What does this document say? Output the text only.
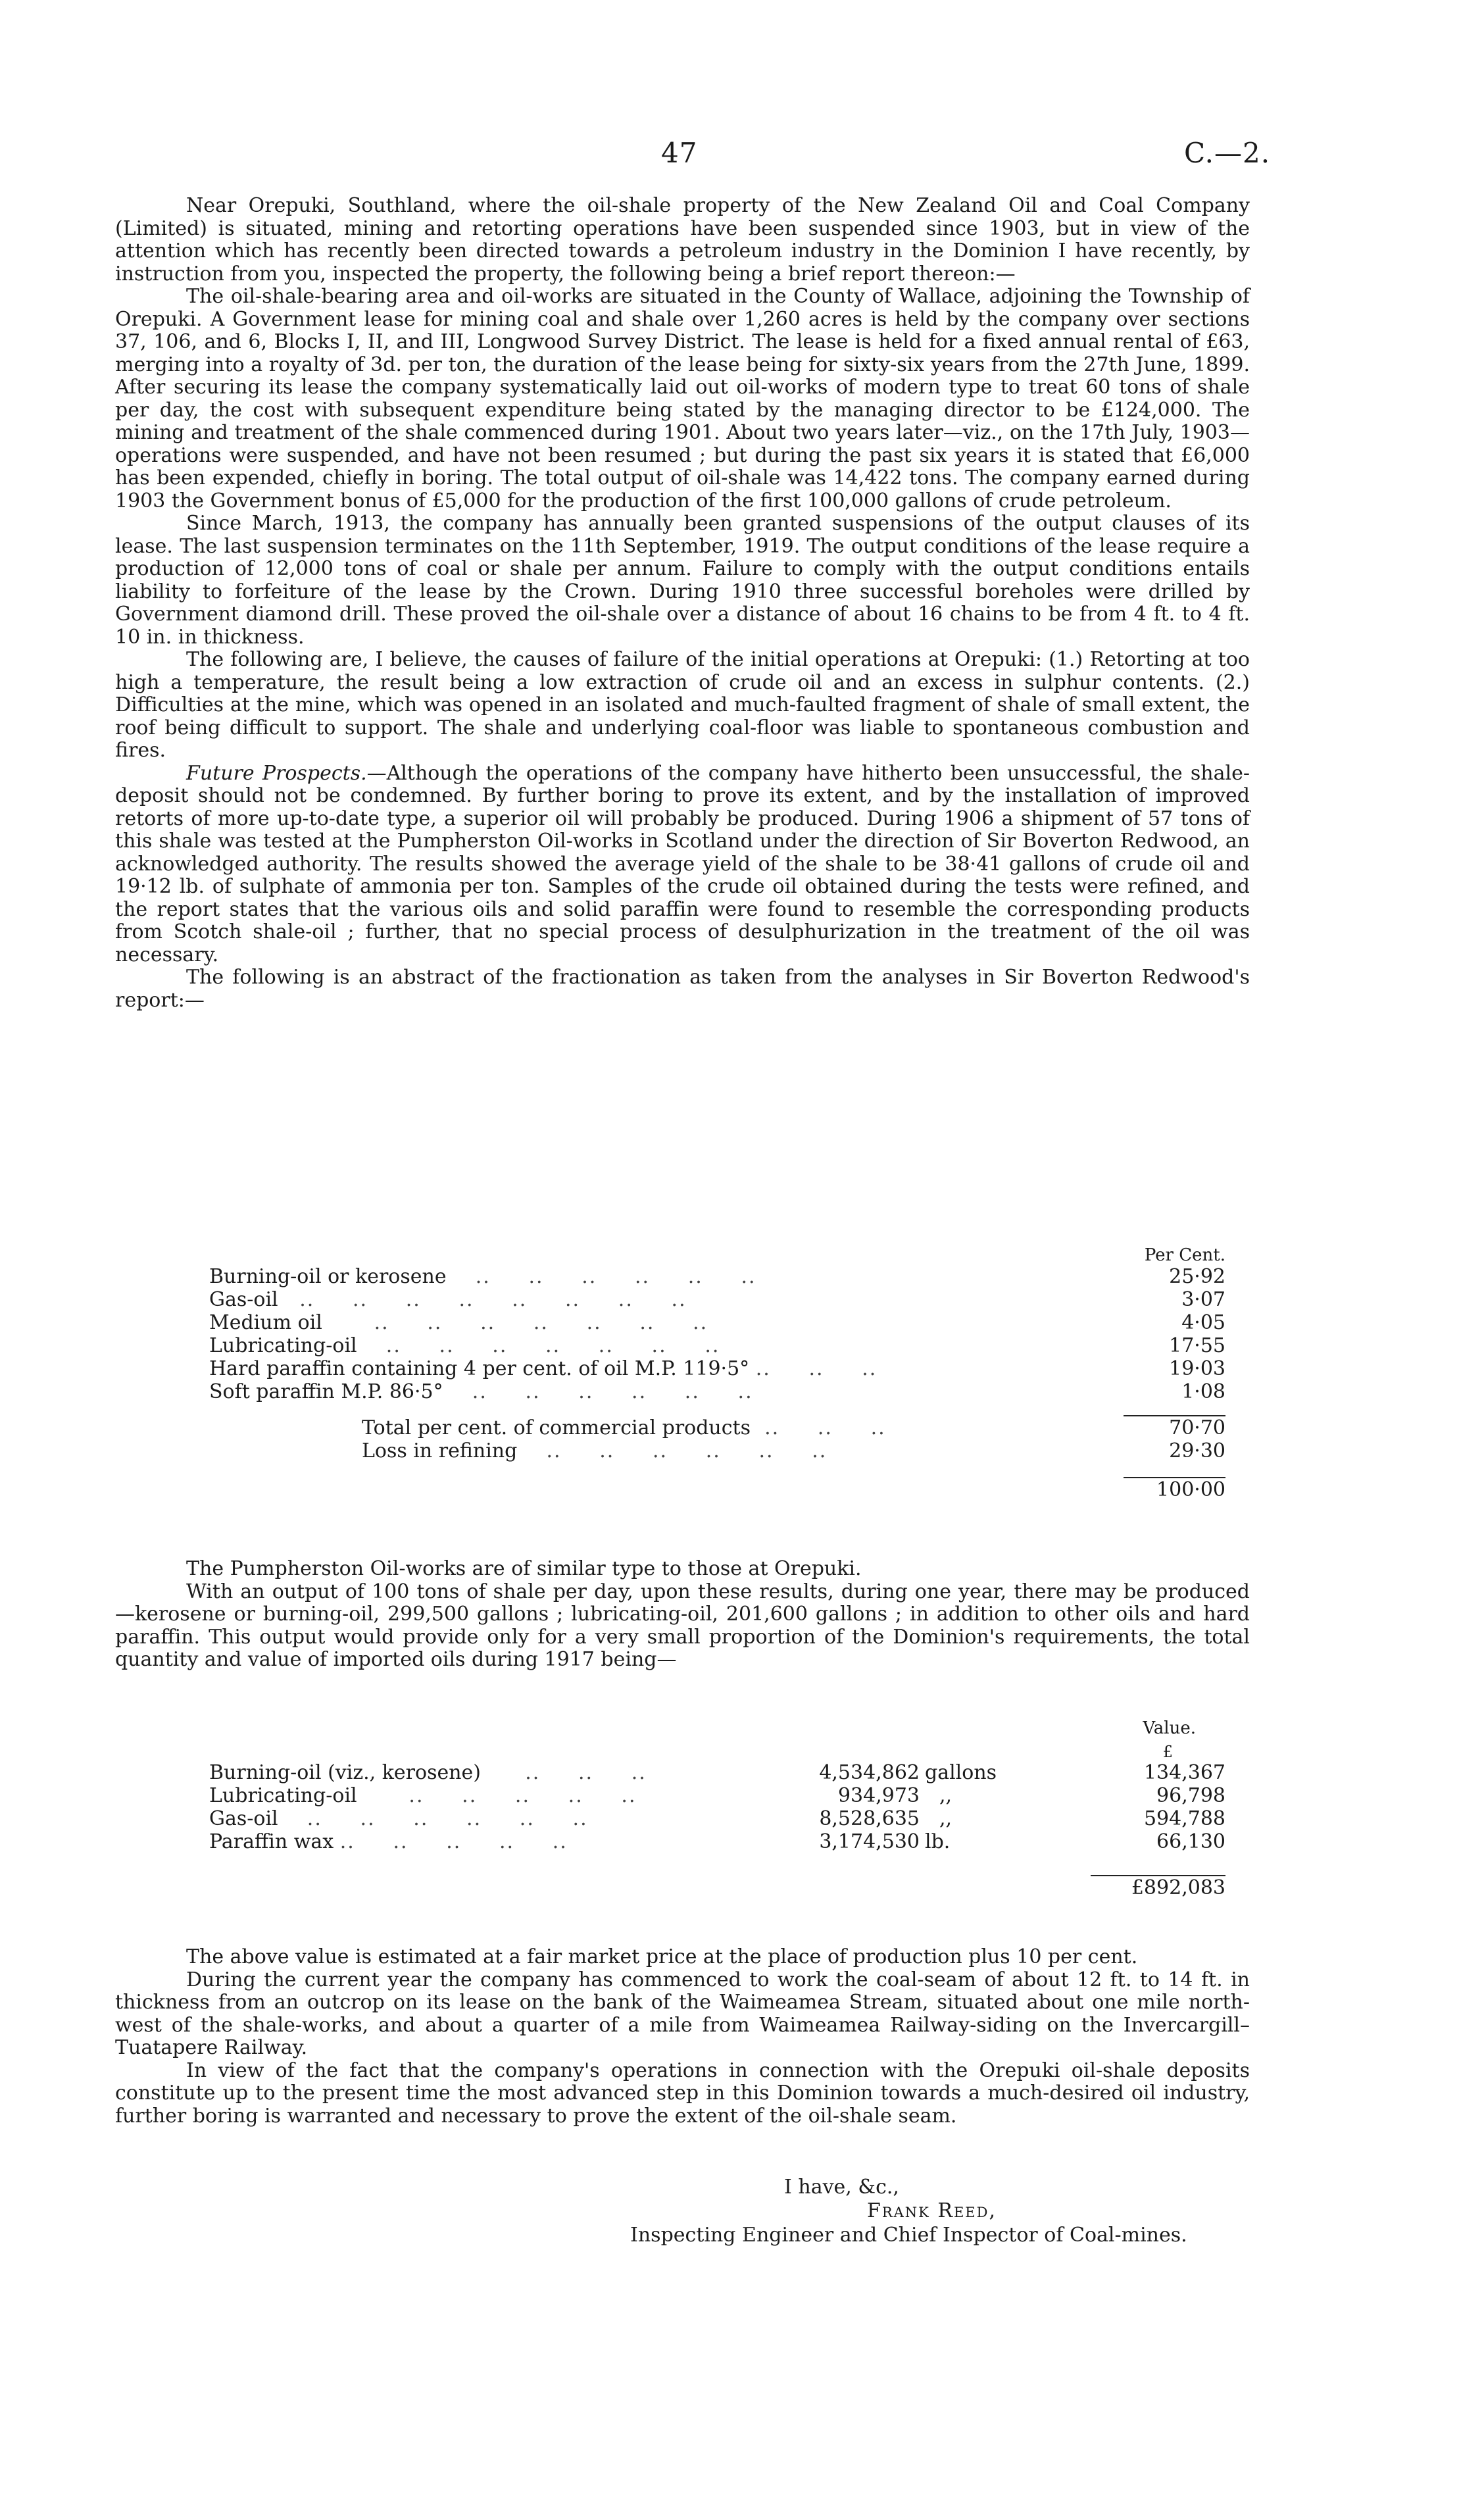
47	C.—2.

Near Orepuki, Southland, where the oil-shale property of the New Zealand Oil and Coal Company (Limited) is situated, mining and retorting operations have been suspended since 1903, but in view of the attention which has recently been directed towards a petroleum industry in the Dominion I have recently, by instruction from you, inspected the property, the following being a brief report thereon:—

The oil-shale-bearing area and oil-works are situated in the County of Wallace, adjoining the Township of Orepuki. A Government lease for mining coal and shale over 1,260 acres is held by the company over sections 37, 106, and 6, Blocks I, II, and III, Longwood Survey District. The lease is held for a fixed annual rental of £63, merging into a royalty of 3d. per ton, the duration of the lease being for sixty-six years from the 27th June, 1899. After securing its lease the company systematically laid out oil-works of modern type to treat 60 tons of shale per day, the cost with subsequent expenditure being stated by the managing director to be £124,000. The mining and treatment of the shale commenced during 1901. About two years later—viz., on the 17th July, 1903—operations were suspended, and have not been resumed ; but during the past six years it is stated that £6,000 has been expended, chiefly in boring. The total output of oil-shale was 14,422 tons. The company earned during 1903 the Government bonus of £5,000 for the production of the first 100,000 gallons of crude petroleum.

Since March, 1913, the company has annually been granted suspensions of the output clauses of its lease. The last suspension terminates on the 11th September, 1919. The output conditions of the lease require a production of 12,000 tons of coal or shale per annum. Failure to comply with the output conditions entails liability to forfeiture of the lease by the Crown. During 1910 three successful boreholes were drilled by Government diamond drill. These proved the oil-shale over a distance of about 16 chains to be from 4 ft. to 4 ft. 10 in. in thickness.

The following are, I believe, the causes of failure of the initial operations at Orepuki: (1.) Retorting at too high a temperature, the result being a low extraction of crude oil and an excess in sulphur contents. (2.) Difficulties at the mine, which was opened in an isolated and much-faulted fragment of shale of small extent, the roof being difficult to support. The shale and underlying coal-floor was liable to spontaneous combustion and fires.

Future Prospects.—Although the operations of the company have hitherto been unsuccessful, the shale-deposit should not be condemned. By further boring to prove its extent, and by the installation of improved retorts of more up-to-date type, a superior oil will probably be produced. During 1906 a shipment of 57 tons of this shale was tested at the Pumpherston Oil-works in Scotland under the direction of Sir Boverton Redwood, an acknowledged authority. The results showed the average yield of the shale to be 38·41 gallons of crude oil and 19·12 lb. of sulphate of ammonia per ton. Samples of the crude oil obtained during the tests were refined, and the report states that the various oils and solid paraffin were found to resemble the corresponding products from Scotch shale-oil ; further, that no special process of desulphurization in the treatment of the oil was necessary.

The following is an abstract of the fractionation as taken from the analyses in Sir Boverton Redwood's report:—

	Per Cent.
Burning-oil or kerosene    ..     ..     ..     ..     ..     ..	25·92
Gas-oil   ..     ..     ..     ..     ..     ..     ..     ..	3·07
Medium oil       ..     ..     ..     ..     ..     ..     ..	4·05
Lubricating-oil    ..     ..     ..     ..     ..     ..     ..	17·55
Hard paraffin containing 4 per cent. of oil M.P. 119·5° ..     ..     ..	19·03
Soft paraffin M.P. 86·5°    ..     ..     ..     ..     ..     ..	1·08

Total per cent. of commercial products  ..     ..     ..	70·70
Loss in refining    ..     ..     ..     ..     ..     ..	29·30

	100·00

The Pumpherston Oil-works are of similar type to those at Orepuki.

With an output of 100 tons of shale per day, upon these results, during one year, there may be produced—kerosene or burning-oil, 299,500 gallons ; lubricating-oil, 201,600 gallons ; in addition to other oils and hard paraffin. This output would provide only for a very small proportion of the Dominion's requirements, the total quantity and value of imported oils during 1917 being—

			Value.
			£
Burning-oil (viz., kerosene)      ..     ..     ..	4,534,862	gallons	134,367
Lubricating-oil       ..     ..     ..     ..     ..	934,973	,,	96,798
Gas-oil    ..     ..     ..     ..     ..     ..	8,528,635	,,	594,788
Paraffin wax ..     ..     ..     ..     ..	3,174,530	lb.	66,130

			£892,083

The above value is estimated at a fair market price at the place of production plus 10 per cent.

During the current year the company has commenced to work the coal-seam of about 12 ft. to 14 ft. in thickness from an outcrop on its lease on the bank of the Waimeamea Stream, situated about one mile north-west of the shale-works, and about a quarter of a mile from Waimeamea Railway-siding on the Invercargill–Tuatapere Railway.

In view of the fact that the company's operations in connection with the Orepuki oil-shale deposits constitute up to the present time the most advanced step in this Dominion towards a much-desired oil industry, further boring is warranted and necessary to prove the extent of the oil-shale seam.

I have, &c.,
Frank Reed,
Inspecting Engineer and Chief Inspector of Coal-mines.
